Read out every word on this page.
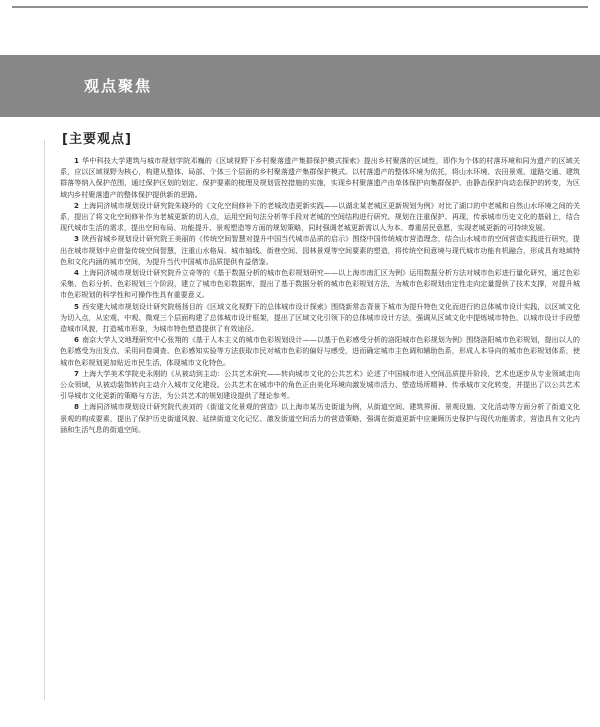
观点聚焦
[主要观点]

1 华中科技大学建筑与城市规划学院邓巍的《区域视野下乡村聚落遗产集群保护模式探索》提出乡村聚落的区域性，即作为个体的村落环境和同为遗产的区域关系，应以区域视野为核心，构建从整体、局部、个体三个层面的乡村聚落遗产集群保护模式。以村落遗产的整体环境为依托，将山水环境、农田景观、道路交通、建筑群落等纳入保护范围，通过保护区划的划定、保护要素的梳理及规划管控措施的实施，实现乡村聚落遗产由单体保护向集群保护、由静态保护向动态保护的转变，为区域内乡村聚落遗产的整体保护提供新的思路。

2 上海同济城市规划设计研究院朱晓玲的《文化空间修补下的老城改造更新实践——以湖北某老城区更新规划为例》对比了湖口的中老城和自然山水环境之间的关系，提出了将文化空间修补作为老城更新的切入点，运用空间句法分析等手段对老城的空间结构进行研究。规划在注重保护、再现、传承城市历史文化的基础上，结合现代城市生活的需求，提出空间布局、功能提升、景观塑造等方面的规划策略，同时强调老城更新需以人为本、尊重居民意愿，实现老城更新的可持续发展。

3 陕西省城乡规划设计研究院王美丽的《传统空间智慧对提升中国当代城市品质的启示》围绕中国传统城市营造理念，结合山水城市的空间营造实践进行研究，提出在城市规划中应借鉴传统空间智慧，注重山水格局、城市轴线、街巷空间、园林景观等空间要素的塑造，将传统空间意境与现代城市功能有机融合，形成具有地域特色和文化内涵的城市空间，为提升当代中国城市品质提供有益借鉴。

4 上海同济城市规划设计研究院乔立奇等的《基于数据分析的城市色彩规划研究——以上海市南汇区为例》运用数据分析方法对城市色彩进行量化研究，通过色彩采集、色彩分析、色彩规划三个阶段，建立了城市色彩数据库，提出了基于数据分析的城市色彩规划方法，为城市色彩规划由定性走向定量提供了技术支撑，对提升城市色彩规划的科学性和可操作性具有重要意义。

5 西安建大城市规划设计研究院杨扬目的《区域文化视野下的总体城市设计探索》围绕新常态背景下城市为提升特色文化而进行的总体城市设计实践，以区域文化为切入点，从宏观、中观、微观三个层面构建了总体城市设计框架，提出了区域文化引领下的总体城市设计方法，强调从区域文化中提炼城市特色，以城市设计手段塑造城市风貌，打造城市形象，为城市特色塑造提供了有效途径。

6 南京大学人文地理研究中心张翔的《基于人本主义的城市色彩规划设计——以基于色彩感受分析的洛阳城市色彩规划为例》围绕洛阳城市色彩规划，提出以人的色彩感受为出发点，采用问卷调查、色彩感知实验等方法获取市民对城市色彩的偏好与感受，进而确定城市主色调和辅助色系，形成人本导向的城市色彩规划体系，使城市色彩规划更加贴近市民生活，体现城市文化特色。

7 上海大学美术学院史永刚的《从被动到主动：公共艺术研究——转向城市文化的公共艺术》论述了中国城市进入空间品质提升阶段，艺术也逐步从专业领域走向公众领域，从被动装饰转向主动介入城市文化建设。公共艺术在城市中的角色正由美化环境向激发城市活力、塑造场所精神、传承城市文化转变，并提出了以公共艺术引导城市文化更新的策略与方法，为公共艺术的规划建设提供了理论参考。

8 上海同济城市规划设计研究院代表刘的《街道文化景观的营造》以上海市某历史街道为例，从街道空间、建筑界面、景观设施、文化活动等方面分析了街道文化景观的构成要素，提出了保护历史街道风貌、延续街道文化记忆、激发街道空间活力的营造策略，强调在街道更新中应兼顾历史保护与现代功能需求，营造具有文化内涵和生活气息的街道空间。
